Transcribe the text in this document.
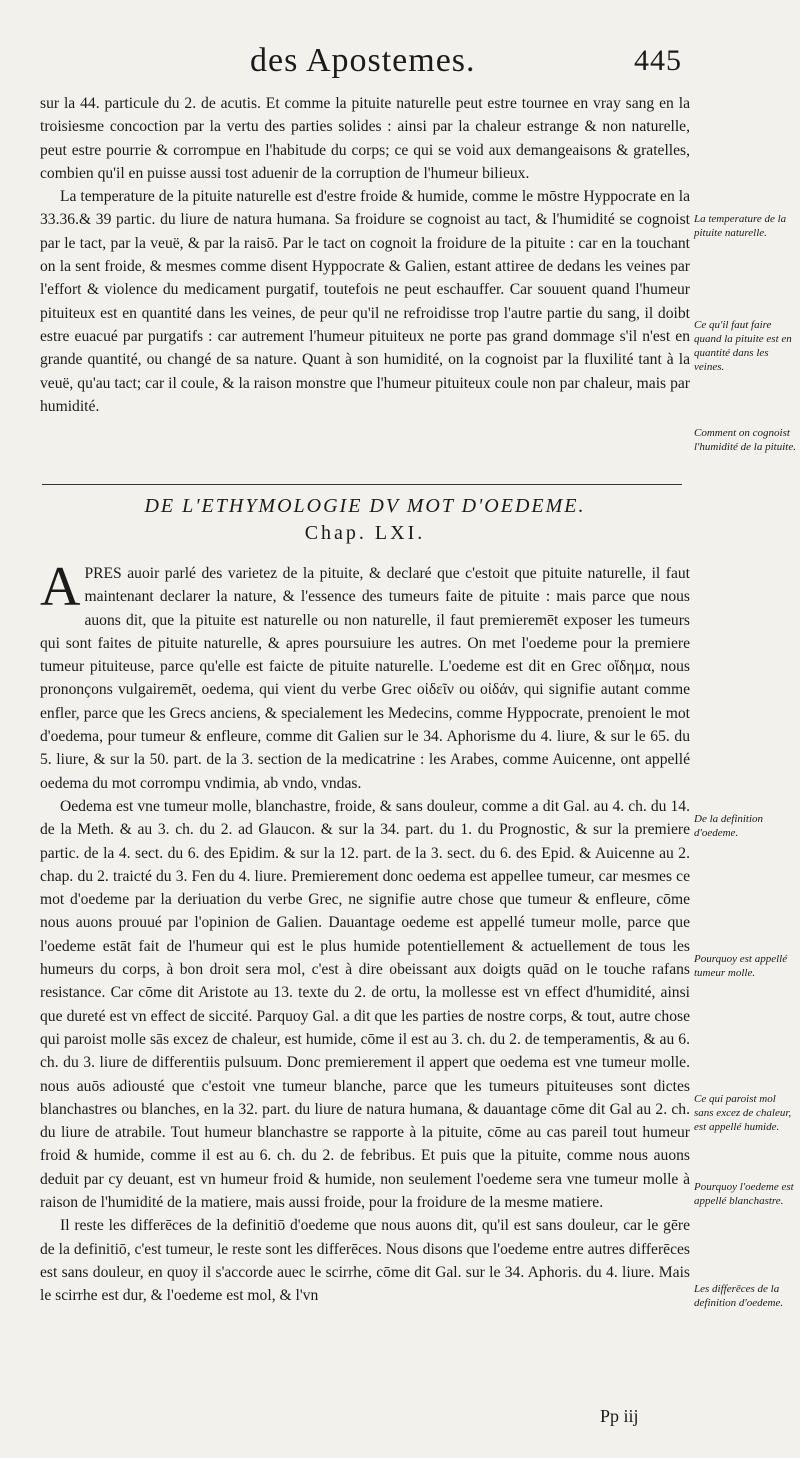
des Apostemes.	445

sur la 44. particule du 2. de acutis. Et comme la pituite naturelle peut estre tournee en vray sang en la troisiesme concoction par la vertu des parties solides : ainsi par la chaleur estrange & non naturelle, peut estre pourrie & corrompue en l'habitude du corps; ce qui se void aux demangeaisons & gratelles, combien qu'il en puisse aussi tost aduenir de la corruption de l'humeur bilieux.

La temperature de la pituite naturelle est d'estre froide & humide, comme le mōstre Hyppocrate en la 33.36.& 39 partic. du liure de natura humana. Sa froidure se cognoist au tact, & l'humidité se cognoist par le tact, par la veuë, & par la raisō. Par le tact on cognoit la froidure de la pituite : car en la touchant on la sent froide, & mesmes comme disent Hyppocrate & Galien, estant attiree de dedans les veines par l'effort & violence du medicament purgatif, toutefois ne peut eschauffer. Car souuent quand l'humeur pituiteux est en quantité dans les veines, de peur qu'il ne refroidisse trop l'autre partie du sang, il doibt estre euacué par purgatifs : car autrement l'humeur pituiteux ne porte pas grand dommage s'il n'est en grande quantité, ou changé de sa nature. Quant à son humidité, on la cognoist par la fluxilité tant à la veuë, qu'au tact; car il coule, & la raison monstre que l'humeur pituiteux coule non par chaleur, mais par humidité.

La temperature de la pituite naturelle.
Ce qu'il faut faire quand la pituite est en quantité dans les veines.
Comment on cognoist l'humidité de la pituite.
DE L'ETHYMOLOGIE DV MOT D'OEDEME.
Chap. LXI.

APRES auoir parlé des varietez de la pituite, & declaré que c'estoit que pituite naturelle, il faut maintenant declarer la nature, & l'essence des tumeurs faite de pituite : mais parce que nous auons dit, que la pituite est naturelle ou non naturelle, il faut premieremēt exposer les tumeurs qui sont faites de pituite naturelle, & apres poursuiure les autres. On met l'oedeme pour la premiere tumeur pituiteuse, parce qu'elle est faicte de pituite naturelle. L'oedeme est dit en Grec οἴδημα, nous prononçons vulgairemēt, oedema, qui vient du verbe Grec οἰδεῖν ou οἰδάν, qui signifie autant comme enfler, parce que les Grecs anciens, & specialement les Medecins, comme Hyppocrate, prenoient le mot d'oedema, pour tumeur & enfleure, comme dit Galien sur le 34. Aphorisme du 4. liure, & sur le 65. du 5. liure, & sur la 50. part. de la 3. section de la medicatrine : les Arabes, comme Auicenne, ont appellé oedema du mot corrompu vndimia, ab vndo, vndas.

Oedema est vne tumeur molle, blanchastre, froide, & sans douleur, comme a dit Gal. au 4. ch. du 14. de la Meth. & au 3. ch. du 2. ad Glaucon. & sur la 34. part. du 1. du Prognostic, & sur la premiere partic. de la 4. sect. du 6. des Epidim. & sur la 12. part. de la 3. sect. du 6. des Epid. & Auicenne au 2. chap. du 2. traicté du 3. Fen du 4. liure. Premierement donc oedema est appellee tumeur, car mesmes ce mot d'oedeme par la deriuation du verbe Grec, ne signifie autre chose que tumeur & enfleure, cōme nous auons prouué par l'opinion de Galien. Dauantage oedeme est appellé tumeur molle, parce que l'oedeme estāt fait de l'humeur qui est le plus humide potentiellement & actuellement de tous les humeurs du corps, à bon droit sera mol, c'est à dire obeissant aux doigts quād on le touche rafans resistance. Car cōme dit Aristote au 13. texte du 2. de ortu, la mollesse est vn effect d'humidité, ainsi que dureté est vn effect de siccité. Parquoy Gal. a dit que les parties de nostre corps, & tout, autre chose qui paroist molle sās excez de chaleur, est humide, cōme il est au 3. ch. du 2. de temperamentis, & au 6. ch. du 3. liure de differentiis pulsuum. Donc premierement il appert que oedema est vne tumeur molle. nous auōs adiousté que c'estoit vne tumeur blanche, parce que les tumeurs pituiteuses sont dictes blanchastres ou blanches, en la 32. part. du liure de natura humana, & dauantage cōme dit Gal au 2. ch. du liure de atrabile. Tout humeur blanchastre se rapporte à la pituite, cōme au cas pareil tout humeur froid & humide, comme il est au 6. ch. du 2. de febribus. Et puis que la pituite, comme nous auons deduit par cy deuant, est vn humeur froid & humide, non seulement l'oedeme sera vne tumeur molle à raison de l'humidité de la matiere, mais aussi froide, pour la froidure de la mesme matiere.

Il reste les differēces de la definitiō d'oedeme que nous auons dit, qu'il est sans douleur, car le gēre de la definitiō, c'est tumeur, le reste sont les differēces. Nous disons que l'oedeme entre autres differēces est sans douleur, en quoy il s'accorde auec le scirrhe, cōme dit Gal. sur le 34. Aphoris. du 4. liure. Mais le scirrhe est dur, & l'oedeme est mol, & l'vn

De la definition d'oedeme.
Pourquoy est appellé tumeur molle.
Ce qui paroist mol sans excez de chaleur, est appellé humide.
Pourquoy l'oedeme est appellé blanchastre.
Les differēces de la definition d'oedeme.
Pp iij
